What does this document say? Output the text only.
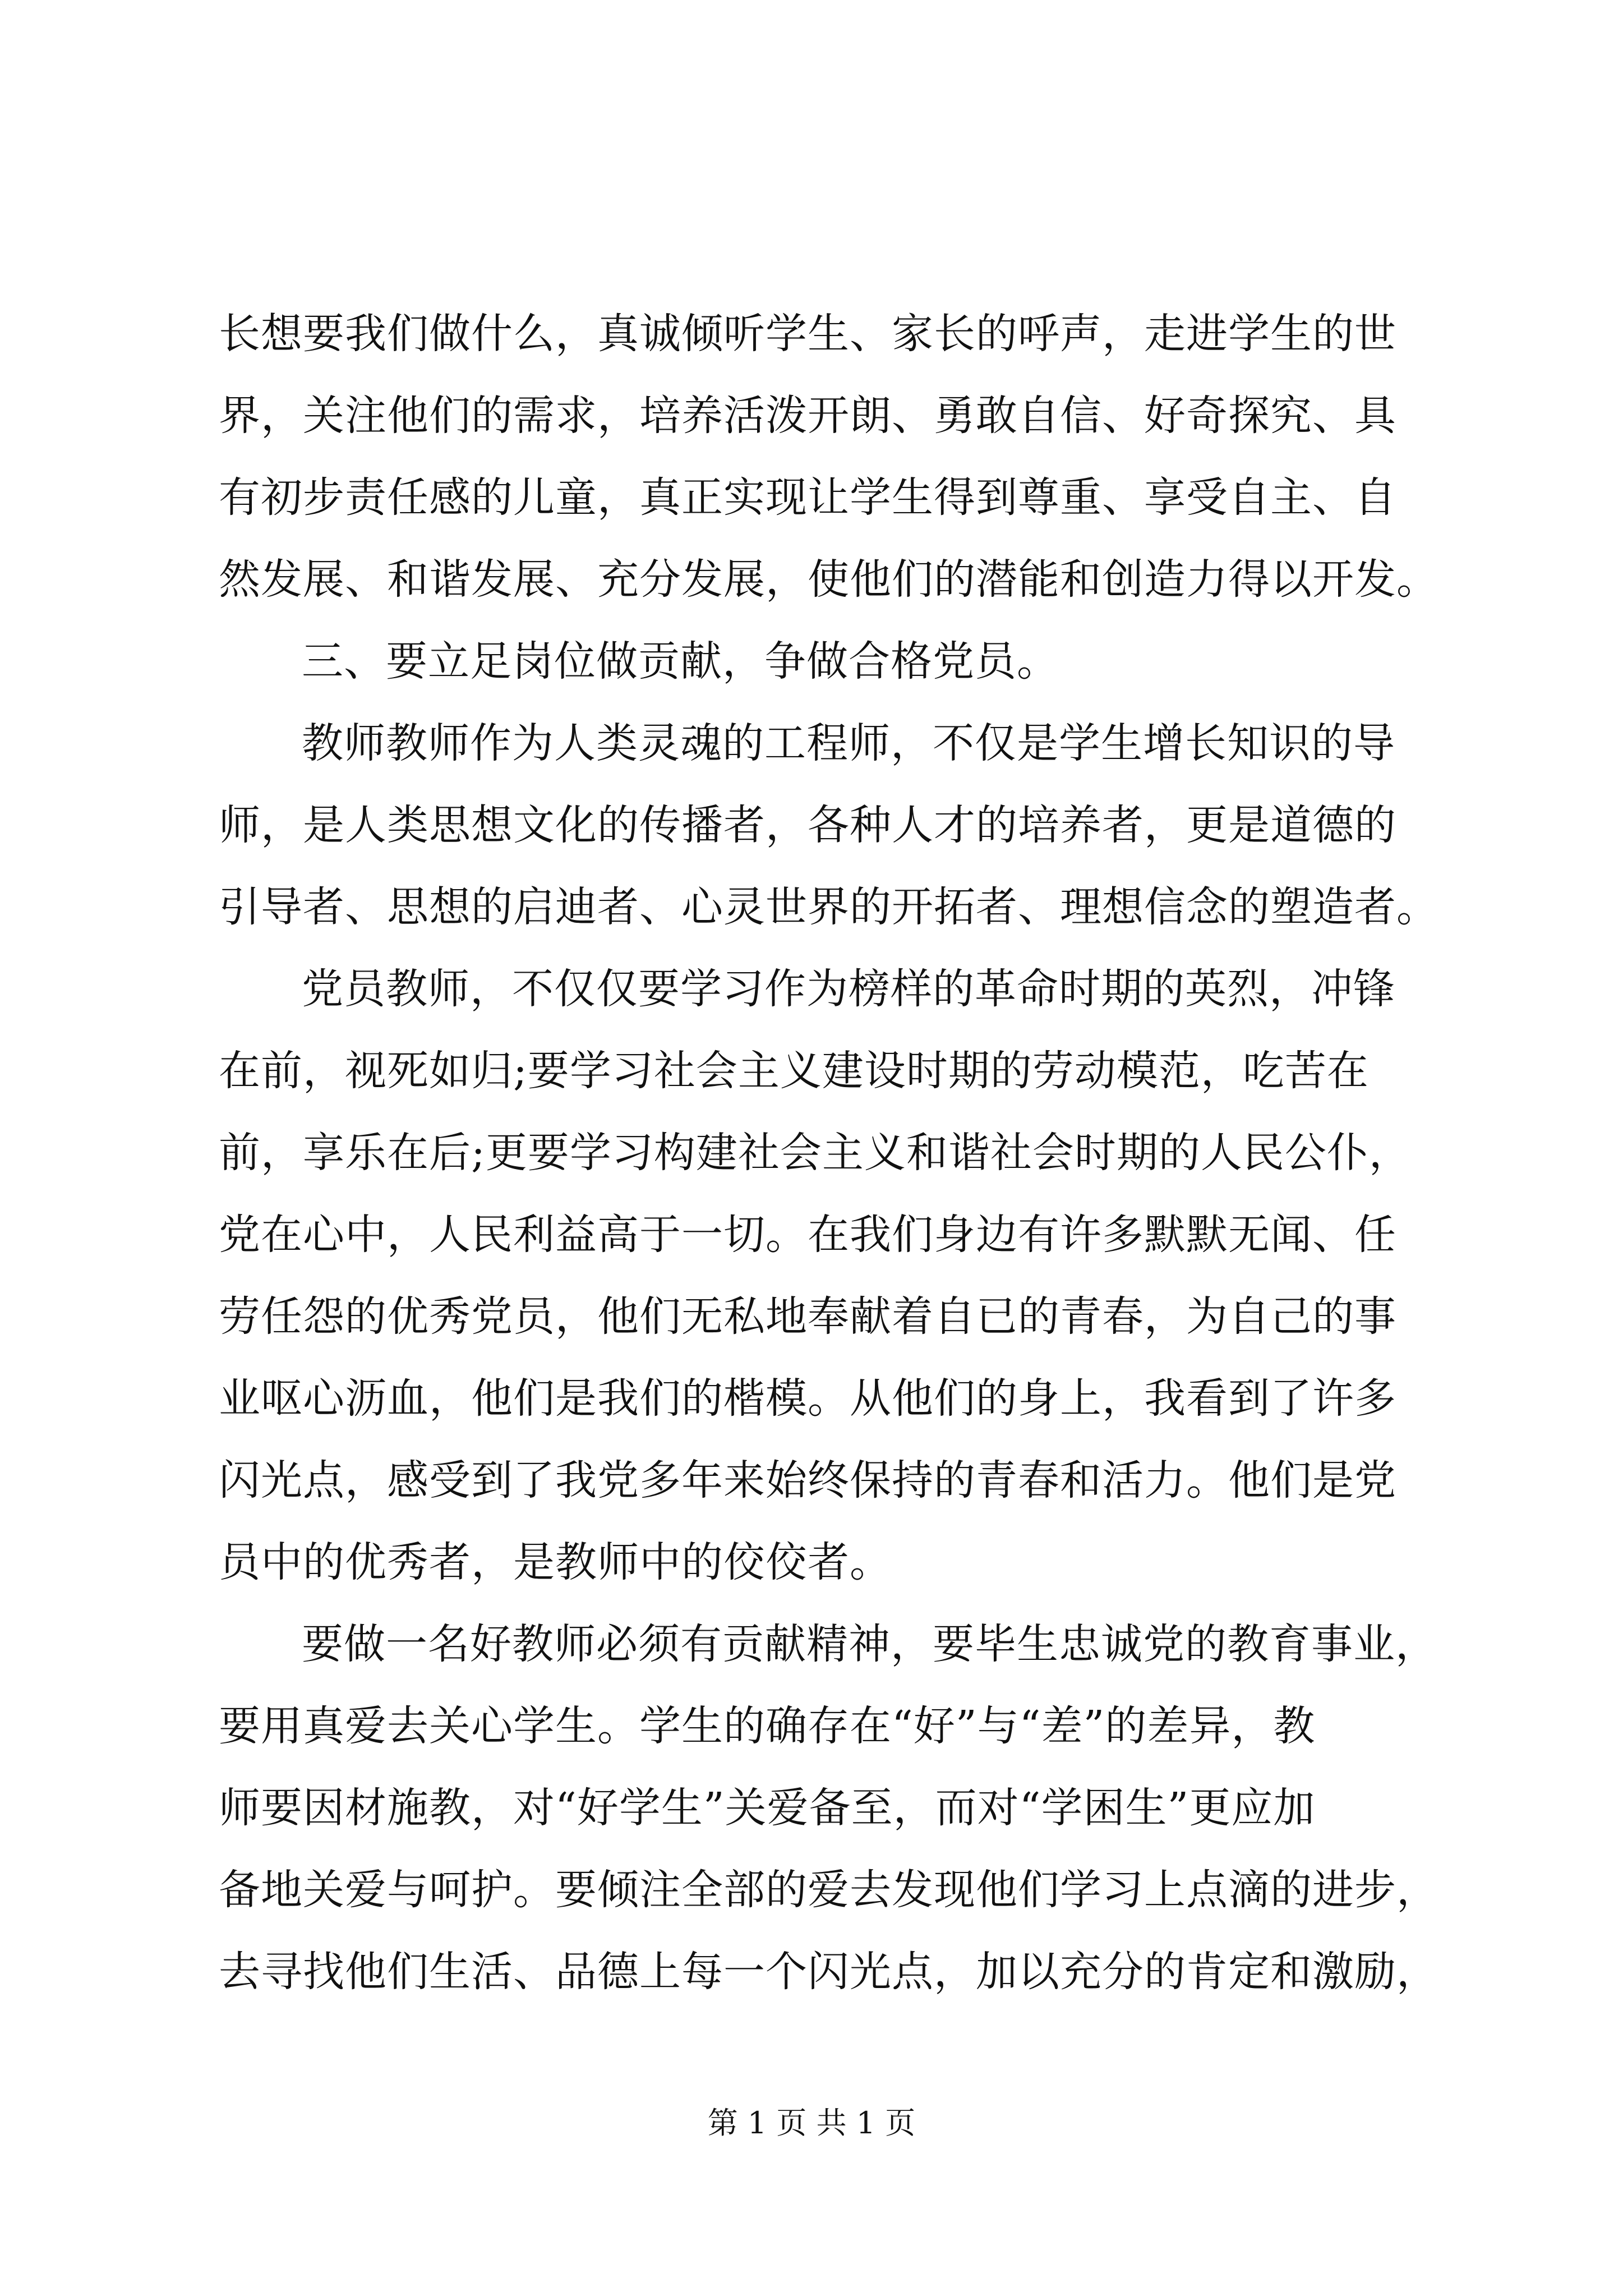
长想要我们做什么，真诚倾听学生、家长的呼声，走进学生的世
界，关注他们的需求，培养活泼开朗、勇敢自信、好奇探究、具
有初步责任感的儿童，真正实现让学生得到尊重、享受自主、自
然发展、和谐发展、充分发展，使他们的潜能和创造力得以开发。
三、要立足岗位做贡献，争做合格党员。
教师教师作为人类灵魂的工程师，不仅是学生增长知识的导
师，是人类思想文化的传播者，各种人才的培养者，更是道德的
引导者、思想的启迪者、心灵世界的开拓者、理想信念的塑造者。
党员教师，不仅仅要学习作为榜样的革命时期的英烈，冲锋
在前，视死如归;要学习社会主义建设时期的劳动模范，吃苦在
前，享乐在后;更要学习构建社会主义和谐社会时期的人民公仆，
党在心中，人民利益高于一切。在我们身边有许多默默无闻、任
劳任怨的优秀党员，他们无私地奉献着自已的青春，为自己的事
业呕心沥血，他们是我们的楷模。从他们的身上，我看到了许多
闪光点，感受到了我党多年来始终保持的青春和活力。他们是党
员中的优秀者，是教师中的佼佼者。
要做一名好教师必须有贡献精神，要毕生忠诚党的教育事业，
要用真爱去关心学生。学生的确存在“好”与“差”的差异，教
师要因材施教，对“好学生”关爱备至，而对“学困生”更应加
备地关爱与呵护。要倾注全部的爱去发现他们学习上点滴的进步，
去寻找他们生活、品德上每一个闪光点，加以充分的肯定和激励，
第 1 页 共 1 页
